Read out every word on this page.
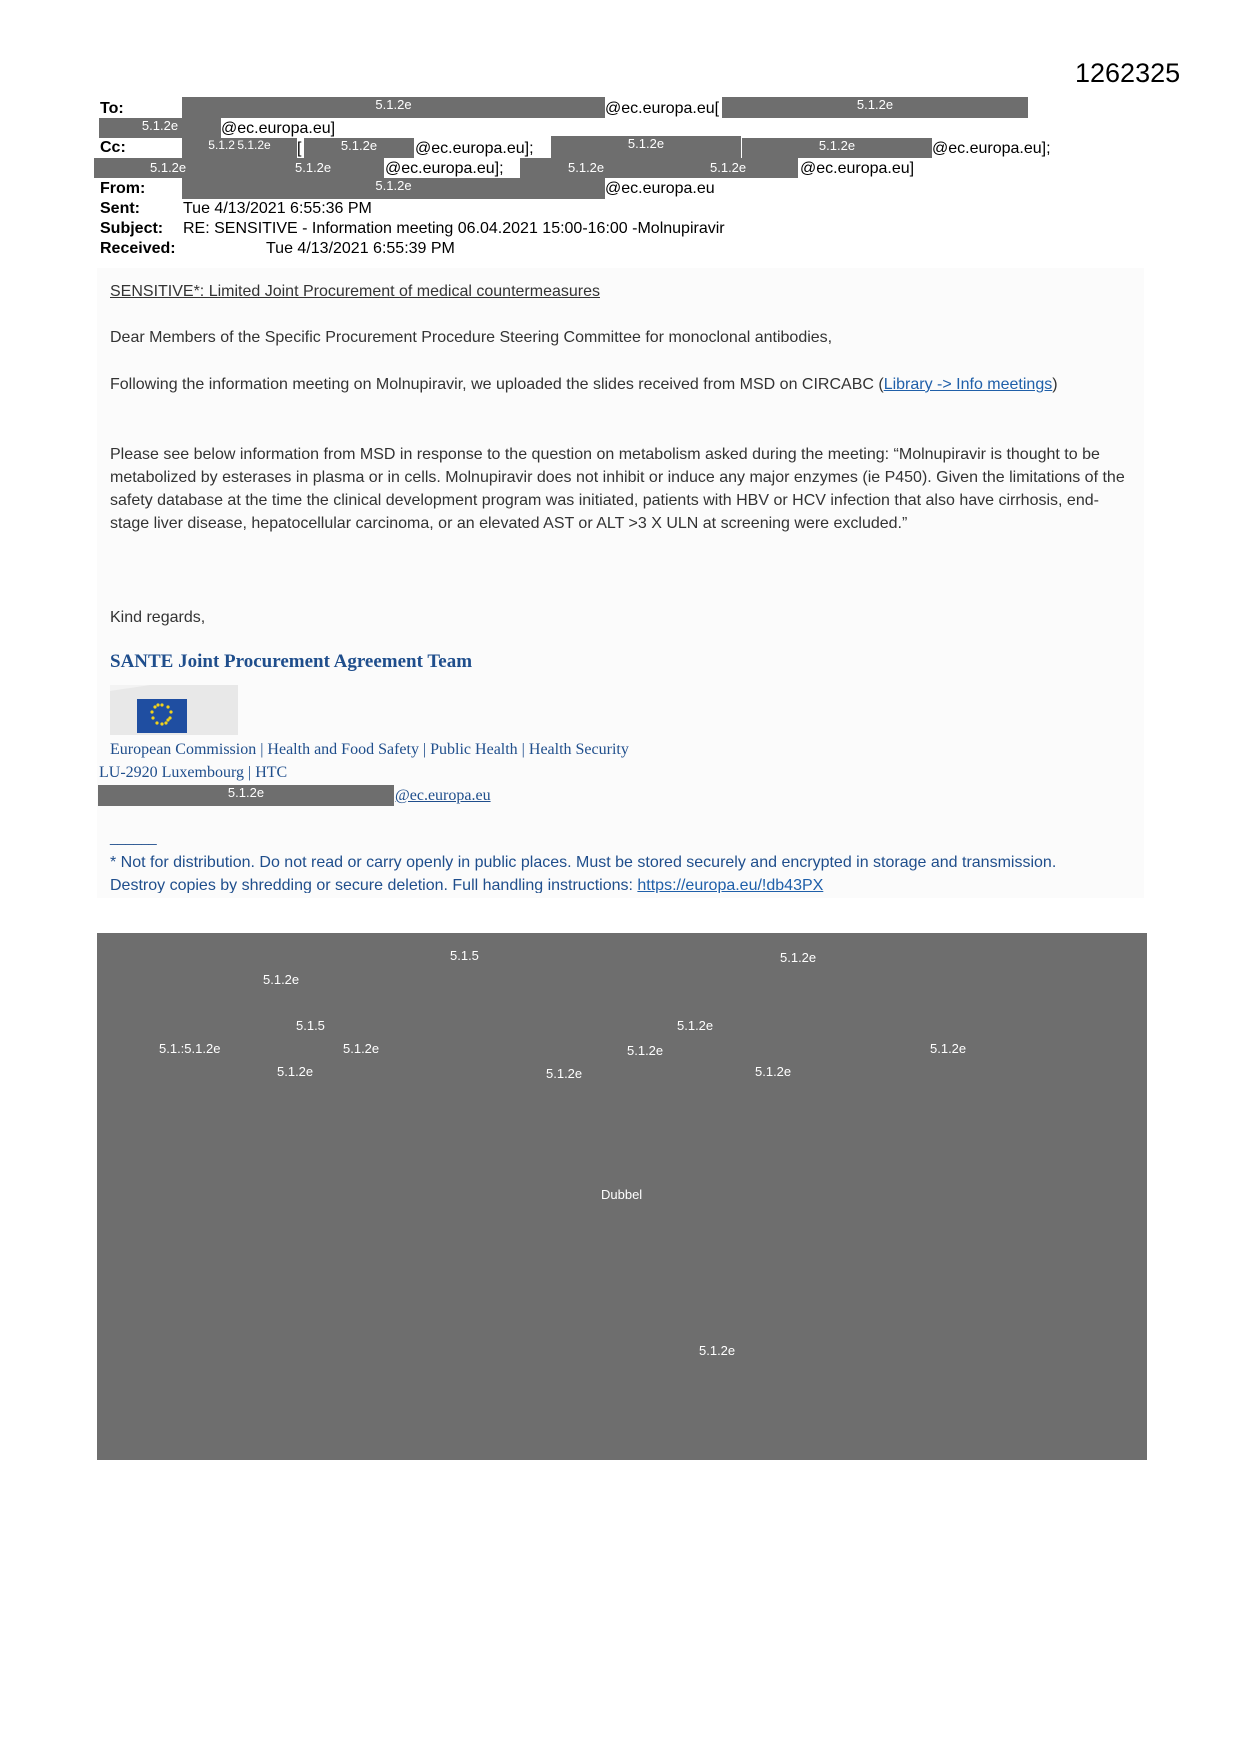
1262325
To:	5.1.2e	@ec.europa.eu[	5.1.2e
5.1.2e	@ec.europa.eu]
Cc:	5.1.2 5.1.2e [	5.1.2e @ec.europa.eu];	5.1.2e	5.1.2e	@ec.europa.eu];
5.1.2e	5.1.2e	@ec.europa.eu];	5.1.2e	5.1.2e	@ec.europa.eu]
From:	5.1.2e	@ec.europa.eu
Sent:	Tue 4/13/2021 6:55:36 PM
Subject: RE: SENSITIVE - Information meeting 06.04.2021 15:00-16:00 -Molnupiravir
Received:	Tue 4/13/2021 6:55:39 PM
SENSITIVE*: Limited Joint Procurement of medical countermeasures
Dear Members of the Specific Procurement Procedure Steering Committee for monoclonal antibodies,
Following the information meeting on Molnupiravir, we uploaded the slides received from MSD on CIRCABC (Library -> Info meetings)
Please see below information from MSD in response to the question on metabolism asked during the meeting: “Molnupiravir is thought to be metabolized by esterases in plasma or in cells. Molnupiravir does not inhibit or induce any major enzymes (ie P450). Given the limitations of the safety database at the time the clinical development program was initiated, patients with HBV or HCV infection that also have cirrhosis, end-stage liver disease, hepatocellular carcinoma, or an elevated AST or ALT >3 X ULN at screening were excluded.”
Kind regards,
SANTE Joint Procurement Agreement Team
European Commission | Health and Food Safety | Public Health | Health Security
LU-2920 Luxembourg | HTC
5.1.2e	@ec.europa.eu
______
* Not for distribution. Do not read or carry openly in public places. Must be stored securely and encrypted in storage and transmission. Destroy copies by shredding or secure deletion. Full handling instructions: https://europa.eu/!db43PX
5.1.5	5.1.2e
5.1.2e
5.1.5	5.1.2e
5.1.:5.1.2e	5.1.2e	5.1.2e	5.1.2e
5.1.2e	5.1.2e	5.1.2e
Dubbel
5.1.2e
